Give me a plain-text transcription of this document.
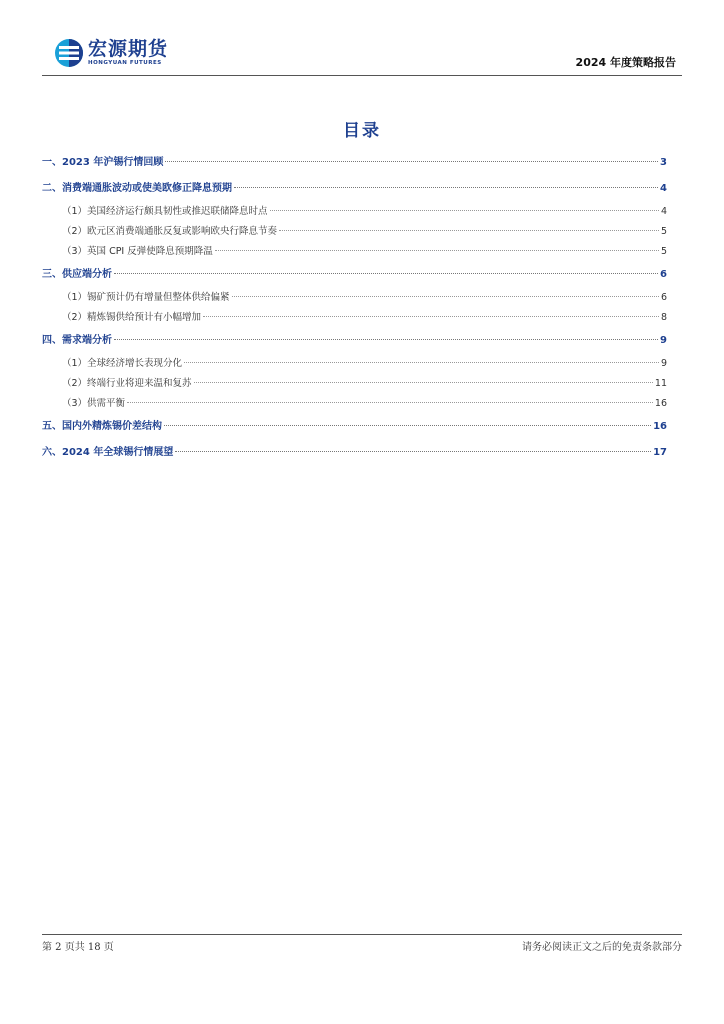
宏源期货
HONGYUAN FUTURES	2024 年度策略报告
目录
一、2023 年沪锡行情回顾	3
二、消费端通胀波动或使美欧修正降息预期	4
（1）美国经济运行颇具韧性或推迟联储降息时点	4
（2）欧元区消费端通胀反复或影响欧央行降息节奏	5
（3）英国 CPI 反弹使降息预期降温	5
三、供应端分析	6
（1）锡矿预计仍有增量但整体供给偏紧	6
（2）精炼锡供给预计有小幅增加	8
四、需求端分析	9
（1）全球经济增长表现分化	9
（2）终端行业将迎来温和复苏	11
（3）供需平衡	16
五、国内外精炼锡价差结构	16
六、2024 年全球锡行情展望	17
第 2 页共 18 页	请务必阅读正文之后的免责条款部分
